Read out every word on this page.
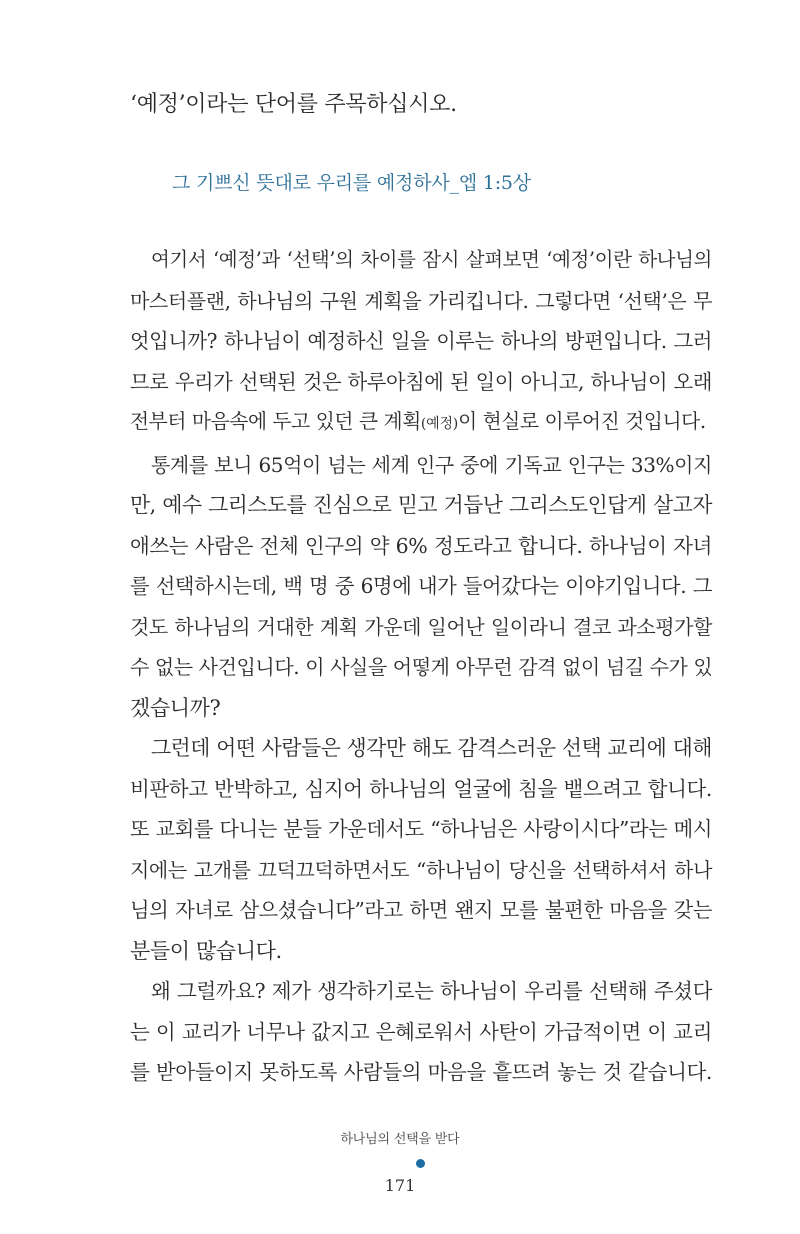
‘예정’이라는 단어를 주목하십시오.

그 기쁘신 뜻대로 우리를 예정하사_엡 1:5상

여기서 ‘예정’과 ‘선택’의 차이를 잠시 살펴보면 ‘예정’이란 하나님의
마스터플랜, 하나님의 구원 계획을 가리킵니다. 그렇다면 ‘선택’은 무
엇입니까? 하나님이 예정하신 일을 이루는 하나의 방편입니다. 그러
므로 우리가 선택된 것은 하루아침에 된 일이 아니고, 하나님이 오래
전부터 마음속에 두고 있던 큰 계획(예정)이 현실로 이루어진 것입니다.
통계를 보니 65억이 넘는 세계 인구 중에 기독교 인구는 33%이지
만, 예수 그리스도를 진심으로 믿고 거듭난 그리스도인답게 살고자
애쓰는 사람은 전체 인구의 약 6% 정도라고 합니다. 하나님이 자녀
를 선택하시는데, 백 명 중 6명에 내가 들어갔다는 이야기입니다. 그
것도 하나님의 거대한 계획 가운데 일어난 일이라니 결코 과소평가할
수 없는 사건입니다. 이 사실을 어떻게 아무런 감격 없이 넘길 수가 있
겠습니까?
그런데 어떤 사람들은 생각만 해도 감격스러운 선택 교리에 대해
비판하고 반박하고, 심지어 하나님의 얼굴에 침을 뱉으려고 합니다.
또 교회를 다니는 분들 가운데서도 “하나님은 사랑이시다”라는 메시
지에는 고개를 끄덕끄덕하면서도 “하나님이 당신을 선택하셔서 하나
님의 자녀로 삼으셨습니다”라고 하면 왠지 모를 불편한 마음을 갖는
분들이 많습니다.
왜 그럴까요? 제가 생각하기로는 하나님이 우리를 선택해 주셨다
는 이 교리가 너무나 값지고 은혜로워서 사탄이 가급적이면 이 교리
를 받아들이지 못하도록 사람들의 마음을 흩뜨려 놓는 것 같습니다.

하나님의 선택을 받다

171
